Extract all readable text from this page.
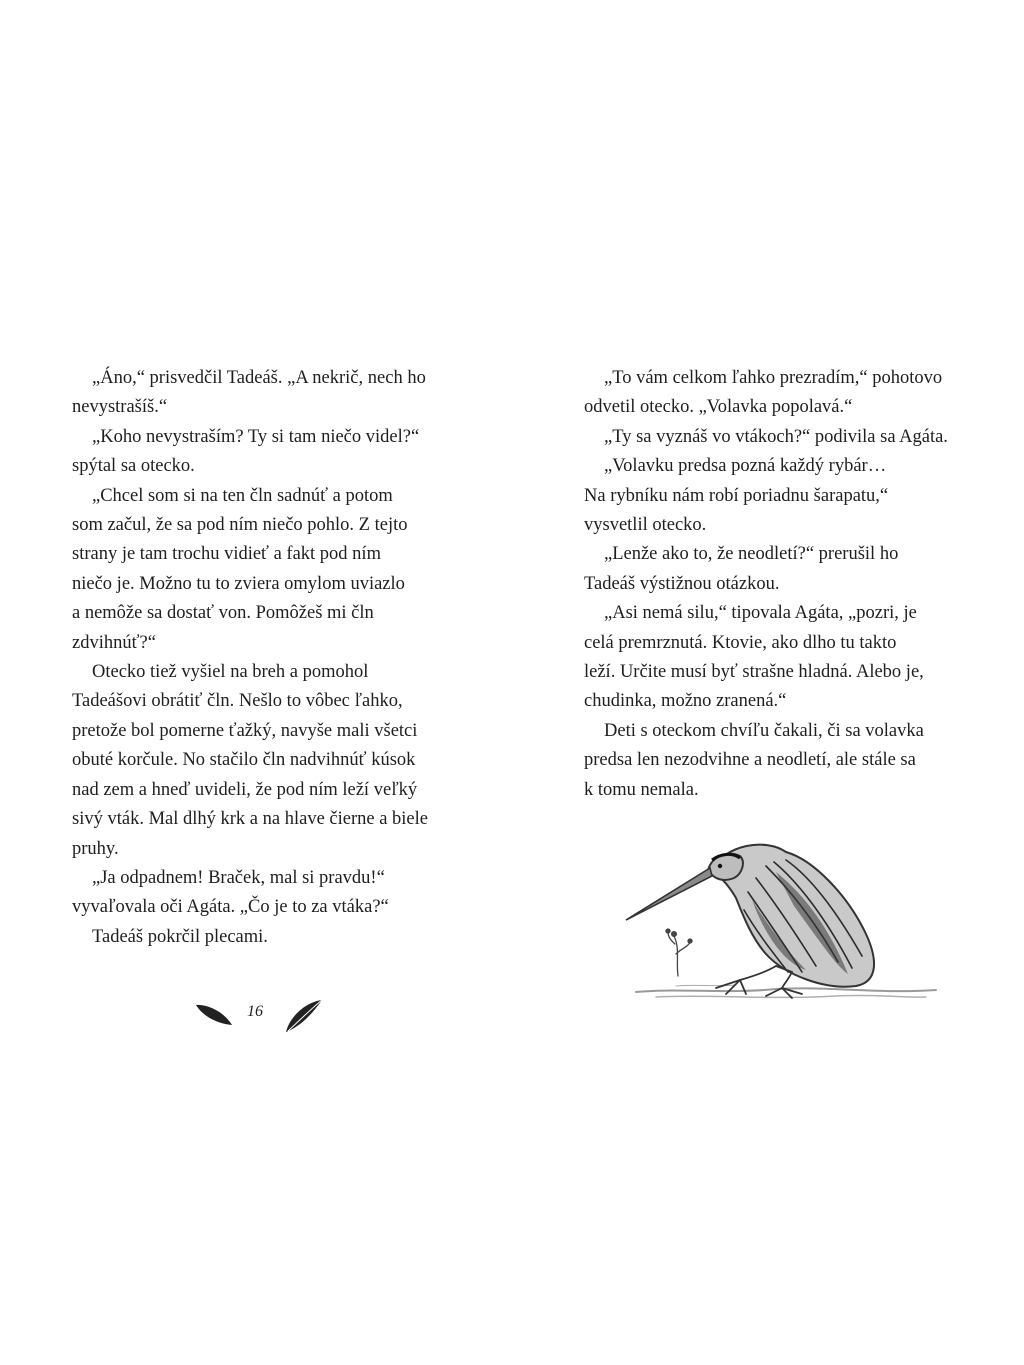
„Áno,“ prisvedčil Tadeáš. „A nekrič, nech ho
nevystrašíš.“
„Koho nevystraším? Ty si tam niečo videl?“
spýtal sa otecko.
„Chcel som si na ten čln sadnúť a potom
som začul, že sa pod ním niečo pohlo. Z tejto
strany je tam trochu vidieť a fakt pod ním
niečo je. Možno tu to zviera omylom uviazlo
a nemôže sa dostať von. Pomôžeš mi čln
zdvihnúť?“
Otecko tiež vyšiel na breh a pomohol
Tadeášovi obrátiť čln. Nešlo to vôbec ľahko,
pretože bol pomerne ťažký, navyše mali všetci
obuté korčule. No stačilo čln nadvihnúť kúsok
nad zem a hneď uvideli, že pod ním leží veľký
sivý vták. Mal dlhý krk a na hlave čierne a biele
pruhy.
„Ja odpadnem! Braček, mal si pravdu!“
vyvaľovala oči Agáta. „Čo je to za vtáka?“
Tadeáš pokrčil plecami.
„To vám celkom ľahko prezradím,“ pohotovo
odvetil otecko. „Volavka popolavá.“
„Ty sa vyznáš vo vtákoch?“ podivila sa Agáta.
„Volavku predsa pozná každý rybár…
Na rybníku nám robí poriadnu šarapatu,“
vysvetlil otecko.
„Lenže ako to, že neodletí?“ prerušil ho
Tadeáš výstižnou otázkou.
„Asi nemá silu,“ tipovala Agáta, „pozri, je
celá premrznutá. Ktovie, ako dlho tu takto
leží. Určite musí byť strašne hladná. Alebo je,
chudinka, možno zranená.“
Deti s oteckom chvíľu čakali, či sa volavka
predsa len nezodvihne a neodletí, ale stále sa
k tomu nemala.
16
